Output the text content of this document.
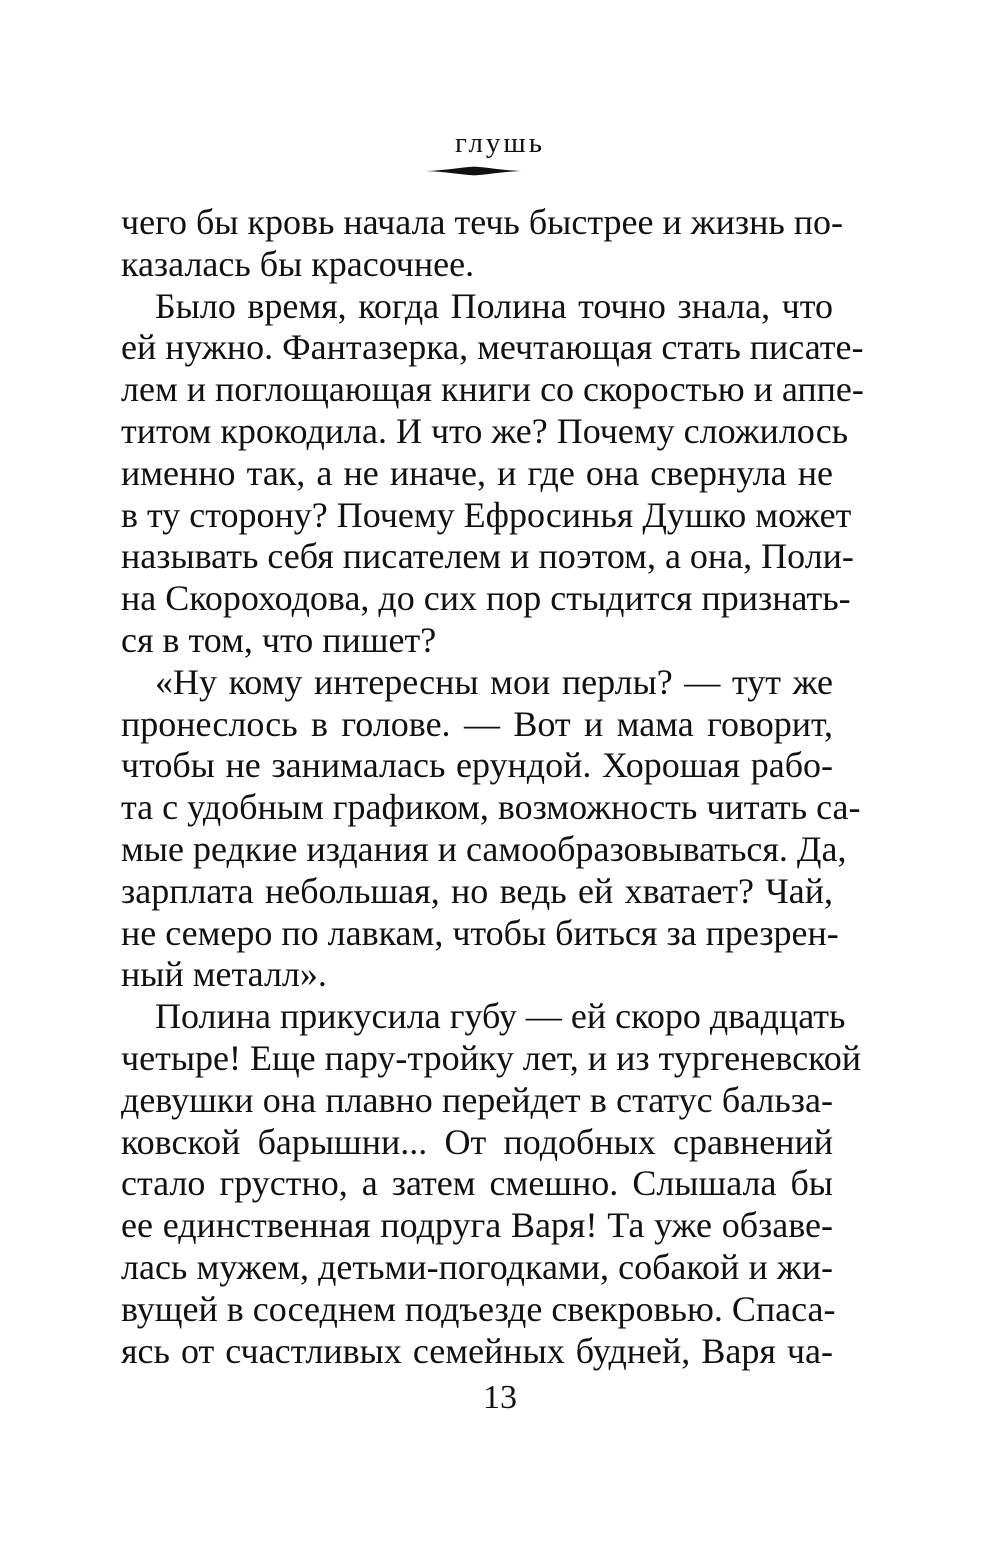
глушь

чего бы кровь начала течь быстрее и жизнь по-
казалась бы красочнее.

Было время, когда Полина точно знала, что
ей нужно. Фантазерка, мечтающая стать писате-
лем и поглощающая книги со скоростью и аппе-
титом крокодила. И что же? Почему сложилось
именно так, а не иначе, и где она свернула не
в ту сторону? Почему Ефросинья Душко может
называть себя писателем и поэтом, а она, Поли-
на Скороходова, до сих пор стыдится признать-
ся в том, что пишет?

«Ну кому интересны мои перлы? — тут же
пронеслось в голове. — Вот и мама говорит,
чтобы не занималась ерундой. Хорошая рабо-
та с удобным графиком, возможность читать са-
мые редкие издания и самообразовываться. Да,
зарплата небольшая, но ведь ей хватает? Чай,
не семеро по лавкам, чтобы биться за презрен-
ный металл».

Полина прикусила губу — ей скоро двадцать
четыре! Еще пару-тройку лет, и из тургеневской
девушки она плавно перейдет в статус бальза-
ковской барышни... От подобных сравнений
стало грустно, а затем смешно. Слышала бы
ее единственная подруга Варя! Та уже обзаве-
лась мужем, детьми-погодками, собакой и жи-
вущей в соседнем подъезде свекровью. Спаса-
ясь от счастливых семейных будней, Варя ча-

13
